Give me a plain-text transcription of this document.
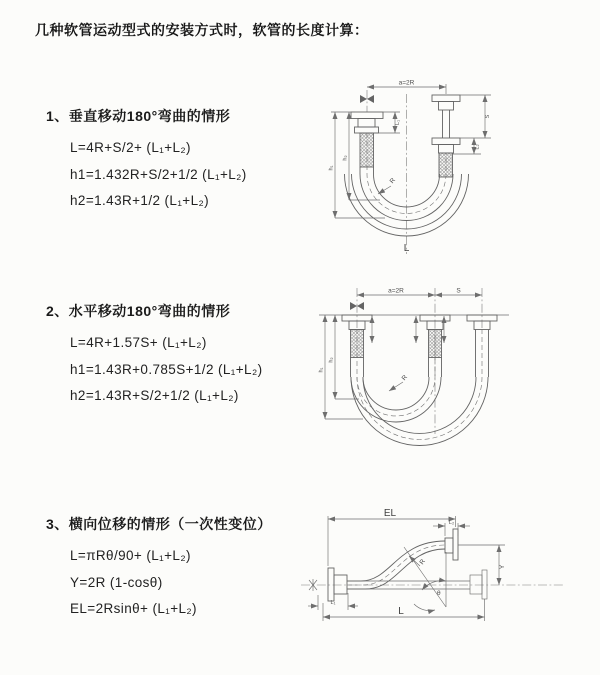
几种软管运动型式的安装方式时，软管的长度计算：
1、垂直移动180°弯曲的情形
L=4R+S/2+ (L₁+L₂)
h1=1.432R+S/2+1/2 (L₁+L₂)
h2=1.43R+1/2 (L₁+L₂)
2、水平移动180°弯曲的情形
L=4R+1.57S+ (L₁+L₂)
h1=1.43R+0.785S+1/2 (L₁+L₂)
h2=1.43R+S/2+1/2 (L₁+L₂)
3、横向位移的情形（一次性变位）
L=πRθ/90+ (L₁+L₂)
Y=2R (1-cosθ)
EL=2Rsinθ+ (L₁+L₂)
a=2R
h₁
h₂
L₁
S
L₂
R
L
a=2R	S
h₁
h₂
R
EL
L₂
θ
R
Y
L₁
L
